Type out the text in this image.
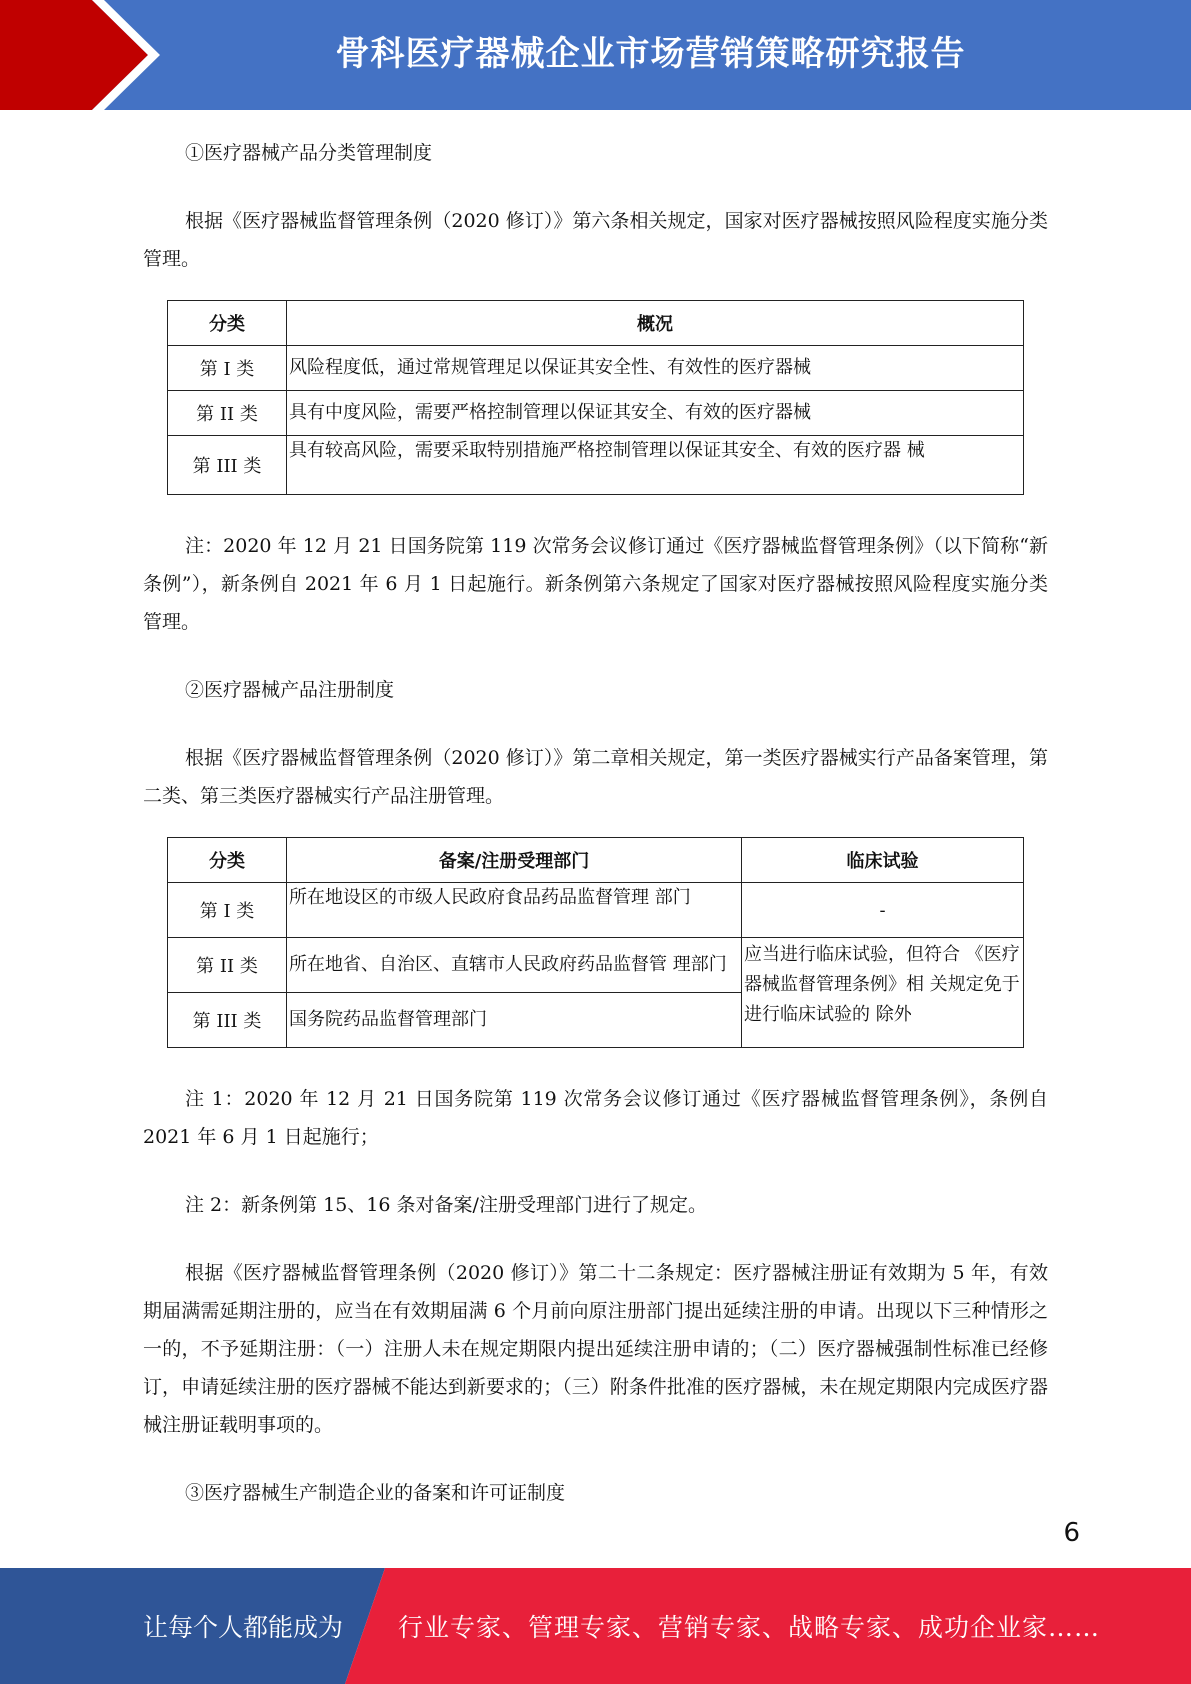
骨科医疗器械企业市场营销策略研究报告

①医疗器械产品分类管理制度

根据《医疗器械监督管理条例（2020 修订）》第六条相关规定，国家对医疗器械按照风险程度实施分类管理。

分类	概况
第 I 类	风险程度低，通过常规管理足以保证其安全性、有效性的医疗器械
第 II 类	具有中度风险，需要严格控制管理以保证其安全、有效的医疗器械
第 III 类	具有较高风险，需要采取特别措施严格控制管理以保证其安全、有效的医疗器 械

注：2020 年 12 月 21 日国务院第 119 次常务会议修订通过《医疗器械监督管理条例》（以下简称“新条例”），新条例自 2021 年 6 月 1 日起施行。新条例第六条规定了国家对医疗器械按照风险程度实施分类管理。

②医疗器械产品注册制度

根据《医疗器械监督管理条例（2020 修订）》第二章相关规定，第一类医疗器械实行产品备案管理，第二类、第三类医疗器械实行产品注册管理。

分类	备案/注册受理部门	临床试验
第 I 类	所在地设区的市级人民政府食品药品监督管理 部门	-
第 II 类	所在地省、自治区、直辖市人民政府药品监督管 理部门	应当进行临床试验，但符合 《医疗器械监督管理条例》相 关规定免于进行临床试验的 除外
第 III 类	国务院药品监督管理部门	

注 1：2020 年 12 月 21 日国务院第 119 次常务会议修订通过《医疗器械监督管理条例》，条例自 2021 年 6 月 1 日起施行；

注 2：新条例第 15、16 条对备案/注册受理部门进行了规定。

根据《医疗器械监督管理条例（2020 修订）》第二十二条规定：医疗器械注册证有效期为 5 年，有效期届满需延期注册的，应当在有效期届满 6 个月前向原注册部门提出延续注册的申请。出现以下三种情形之一的，不予延期注册：（一）注册人未在规定期限内提出延续注册申请的；（二）医疗器械强制性标准已经修订，申请延续注册的医疗器械不能达到新要求的；（三）附条件批准的医疗器械，未在规定期限内完成医疗器械注册证载明事项的。

③医疗器械生产制造企业的备案和许可证制度

6
让每个人都能成为 行业专家、管理专家、营销专家、战略专家、成功企业家……
